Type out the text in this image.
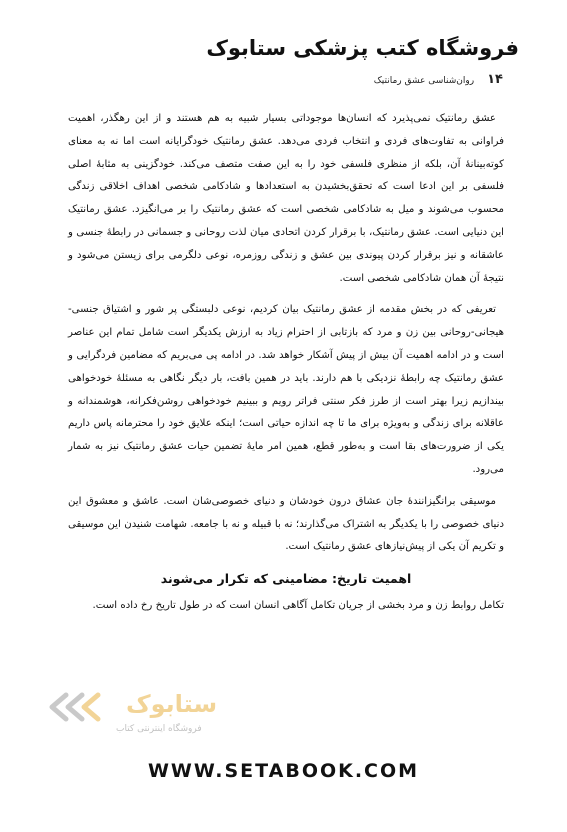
فروشگاه کتب پزشکی ستابوک
۱۴ روان‌شناسی عشق رمانتیک

عشق رمانتیک نمی‌پذیرد که انسان‌ها موجوداتی بسیار شبیه به هم هستند و از این رهگذر، اهمیت فراوانی به تفاوت‌های فردی و انتخاب فردی می‌دهد. عشق رمانتیک خودگرایانه است اما نه به معنای کوته‌بینانهٔ آن، بلکه از منظری فلسفی خود را به این صفت متصف می‌کند. خودگزینی به مثابهٔ اصلی فلسفی بر این ادعا است که تحقق‌بخشیدن به استعدادها و شادکامی شخصی اهداف اخلاقی زندگی محسوب می‌شوند و میل به شادکامی شخصی است که عشق رمانتیک را بر می‌انگیزد. عشق رمانتیک این دنیایی است. عشق رمانتیک، با برقرار کردن اتحادی میان لذت روحانی و جسمانی در رابطهٔ جنسی و عاشقانه و نیز برقرار کردن پیوندی بین عشق و زندگی روزمره، نوعی دلگرمی برای زیستن می‌شود و نتیجهٔ آن همان شادکامی شخصی است.

تعریفی که در بخش مقدمه از عشق رمانتیک بیان کردیم، نوعی دلبستگی پر شور و اشتیاق جنسی-هیجانی-روحانی بین زن و مرد که بازتابی از احترام زیاد به ارزش یکدیگر است شامل تمام این عناصر است و در ادامه اهمیت آن بیش از پیش آشکار خواهد شد. در ادامه پی می‌بریم که مضامین فردگرایی و عشق رمانتیک چه رابطهٔ نزدیکی با هم دارند. باید در همین بافت، بار دیگر نگاهی به مسئلهٔ خودخواهی بیندازیم زیرا بهتر است از طرز فکر سنتی فراتر رویم و ببینیم خودخواهی روشن‌فکرانه، هوشمندانه و عاقلانه برای زندگی و به‌ویژه برای ما تا چه اندازه حیاتی است؛ اینکه علایق خود را محترمانه پاس داریم یکی از ضرورت‌های بقا است و به‌طور قطع، همین امر مایهٔ تضمین حیات عشق رمانتیک نیز به شمار می‌رود.

موسیقی برانگیزانندهٔ جان عشاق درون خودشان و دنیای خصوصی‌شان است. عاشق و معشوق این دنیای خصوصی را با یکدیگر به اشتراک می‌گذارند؛ نه با قبیله و نه با جامعه. شهامت شنیدن این موسیقی و تکریم آن یکی از پیش‌نیازهای عشق رمانتیک است.

اهمیت تاریخ: مضامینی که تکرار می‌شوند

تکامل روابط زن و مرد بخشی از جریان تکامل آگاهی انسان است که در طول تاریخ رخ داده است.

ستابوک
فروشگاه اینترنتی کتاب
WWW.SETABOOK.COM
